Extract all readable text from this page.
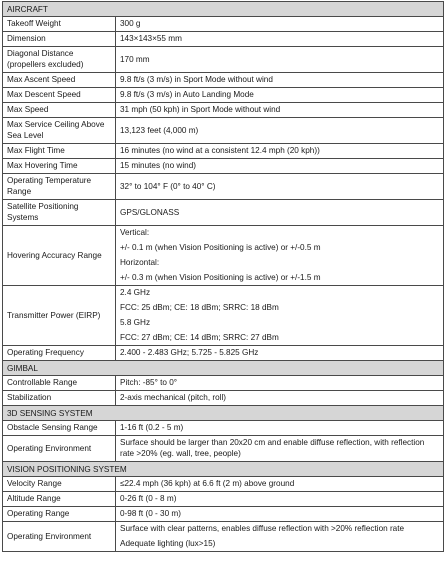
AIRCRAFT	
Takeoff Weight	300 g
Dimension	143×143×55 mm
Diagonal Distance (propellers excluded)	170 mm
Max Ascent Speed	9.8 ft/s (3 m/s) in Sport Mode without wind
Max Descent Speed	9.8 ft/s (3 m/s) in Auto Landing Mode
Max Speed	31 mph (50 kph) in Sport Mode without wind
Max Service Ceiling Above Sea Level	13,123 feet (4,000 m)
Max Flight Time	16 minutes (no wind at a consistent 12.4 mph (20 kph))
Max Hovering Time	15 minutes (no wind)
Operating Temperature Range	32° to 104° F (0° to 40° C)
Satellite Positioning Systems	GPS/GLONASS
Hovering Accuracy Range	Vertical:
+/- 0.1 m (when Vision Positioning is active) or +/-0.5 m
Horizontal:
+/- 0.3 m (when Vision Positioning is active) or +/-1.5 m

Transmitter Power (EIRP)	2.4 GHz
FCC: 25 dBm; CE: 18 dBm; SRRC: 18 dBm
5.8 GHz
FCC: 27 dBm; CE: 14 dBm; SRRC: 27 dBm

Operating Frequency	2.400 - 2.483 GHz; 5.725 - 5.825 GHz
GIMBAL	
Controllable Range	Pitch: -85° to 0°
Stabilization	2-axis mechanical (pitch, roll)
3D SENSING SYSTEM	
Obstacle Sensing Range	1-16 ft (0.2 - 5 m)
Operating Environment	Surface should be larger than 20x20 cm and enable diffuse reflection, with reflection rate >20% (eg. wall, tree, people)
VISION POSITIONING SYSTEM	
Velocity Range	≤22.4 mph (36 kph) at 6.6 ft (2 m) above ground
Altitude Range	0-26 ft (0 - 8 m)
Operating Range	0-98 ft (0 - 30 m)
Operating Environment	Surface with clear patterns, enables diffuse reflection with >20% reflection rate
Adequate lighting (lux>15)
